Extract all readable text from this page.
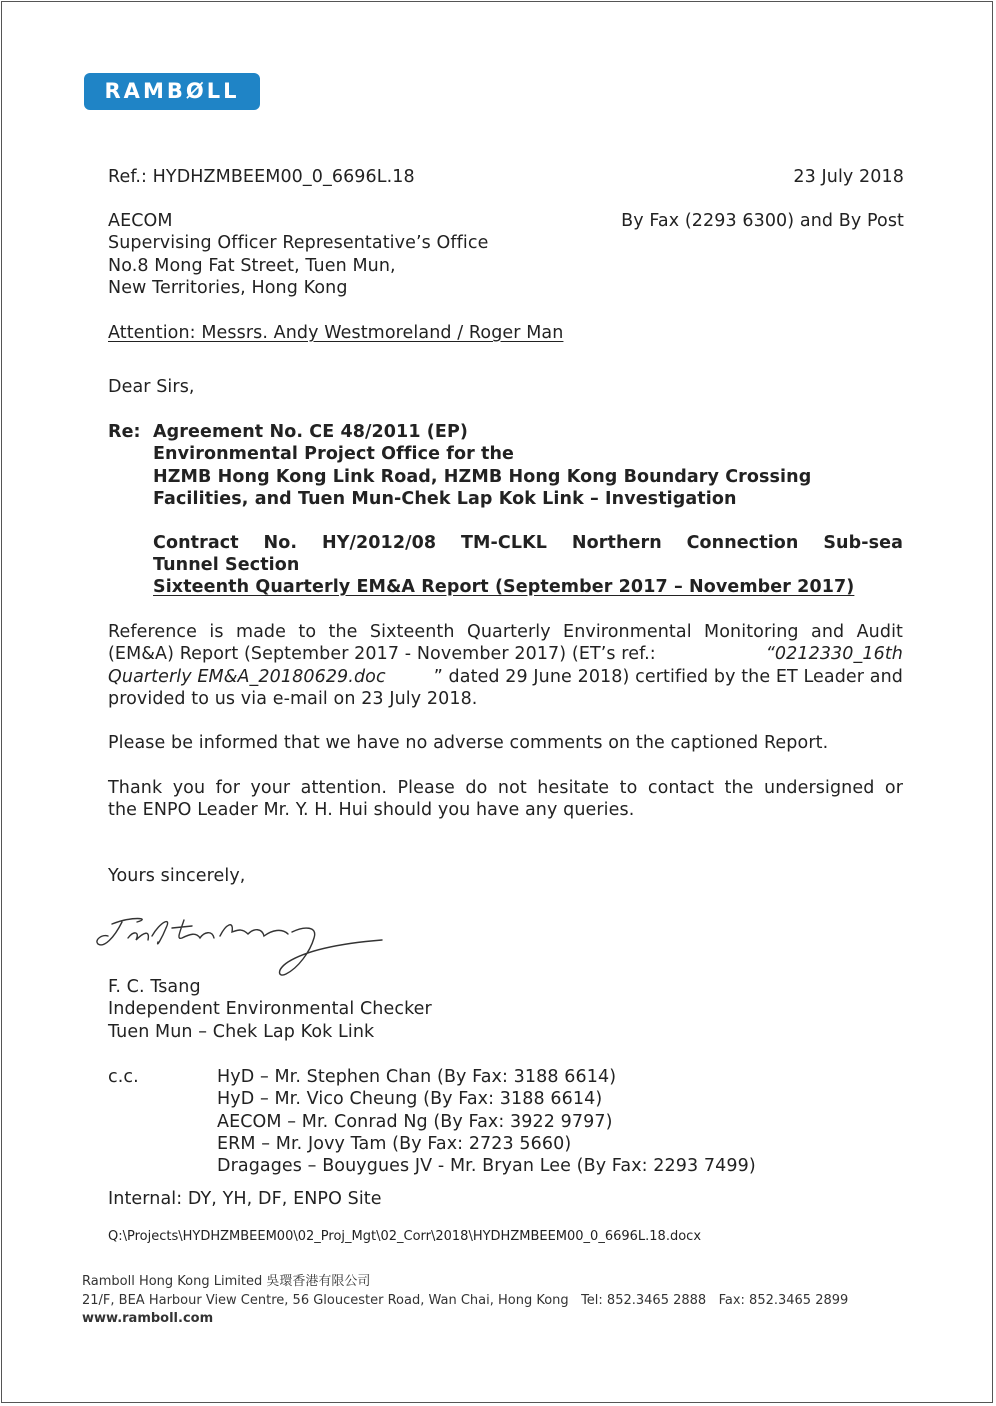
RAMBØLL
Ref.: HYDHZMBEEM00_0_6696L.18	23 July 2018
AECOM
Supervising Officer Representative’s Office
No.8 Mong Fat Street, Tuen Mun,
New Territories, Hong Kong
By Fax (2293 6300) and By Post
Attention: Messrs. Andy Westmoreland / Roger Man
Dear Sirs,
Re: Agreement No. CE 48/2011 (EP)
Environmental Project Office for the
HZMB Hong Kong Link Road, HZMB Hong Kong Boundary Crossing
Facilities, and Tuen Mun-Chek Lap Kok Link – Investigation
Contract No. HY/2012/08 TM-CLKL Northern Connection Sub-sea
Tunnel Section
Sixteenth Quarterly EM&A Report (September 2017 – November 2017)
Reference is made to the Sixteenth Quarterly Environmental Monitoring and Audit
(EM&A) Report (September 2017 - November 2017) (ET’s ref.:	“0212330_16th
Quarterly EM&A_20180629.doc	” dated 29 June 2018) certified by the ET Leader and
provided to us via e-mail on 23 July 2018.
Please be informed that we have no adverse comments on the captioned Report.
Thank you for your attention. Please do not hesitate to contact the undersigned or
the ENPO Leader Mr. Y. H. Hui should you have any queries.
Yours sincerely,
F. C. Tsang
Independent Environmental Checker
Tuen Mun – Chek Lap Kok Link
c.c.	HyD – Mr. Stephen Chan (By Fax: 3188 6614)
HyD – Mr. Vico Cheung (By Fax: 3188 6614)
AECOM – Mr. Conrad Ng (By Fax: 3922 9797)
ERM – Mr. Jovy Tam (By Fax: 2723 5660)
Dragages – Bouygues JV - Mr. Bryan Lee (By Fax: 2293 7499)
Internal: DY, YH, DF, ENPO Site
Q:\Projects\HYDHZMBEEM00\02_Proj_Mgt\02_Corr\2018\HYDHZMBEEM00_0_6696L.18.docx
Ramboll Hong Kong Limited 吳環香港有限公司
21/F, BEA Harbour View Centre, 56 Gloucester Road, Wan Chai, Hong Kong Tel: 852.3465 2888 Fax: 852.3465 2899
www.ramboll.com
